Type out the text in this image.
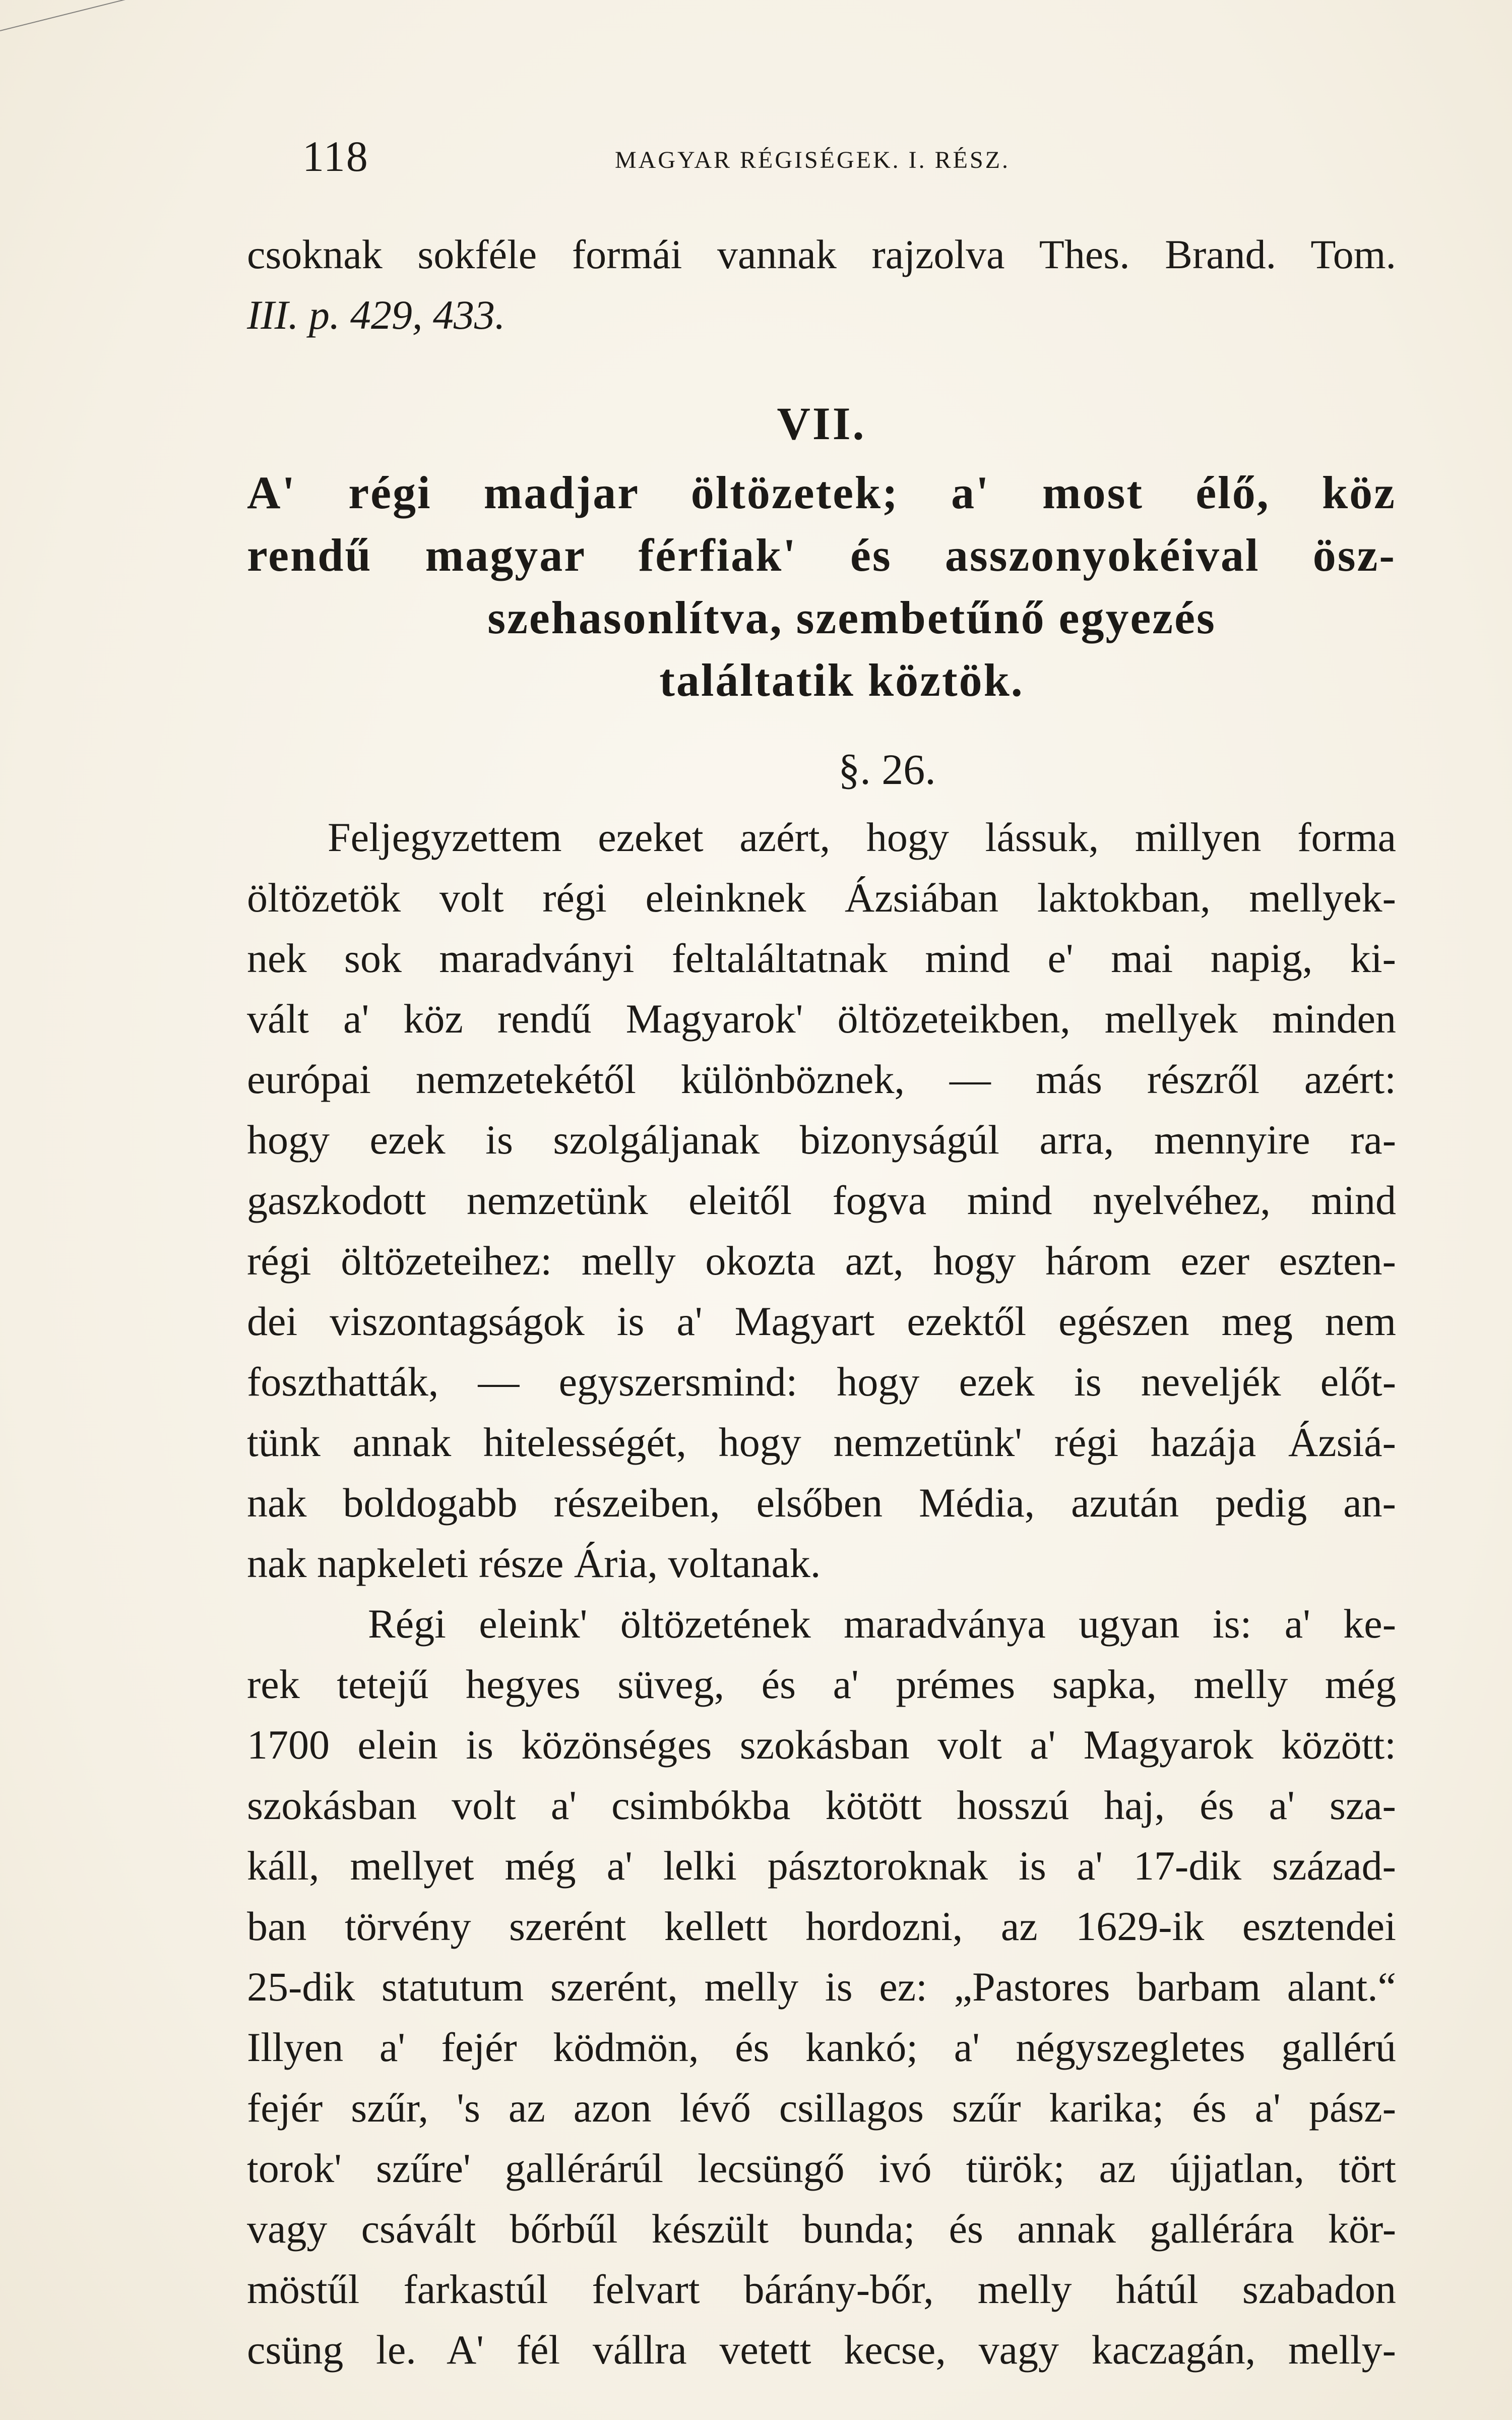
118	MAGYAR RÉGISÉGEK. I. RÉSZ.
csoknak sokféle formái vannak rajzolva Thes. Brand. Tom.
III. p. 429, 433.
VII.
A' régi madjar öltözetek; a' most élő, köz
rendű magyar férfiak' és asszonyokéival ösz-
szehasonlítva, szembetűnő egyezés
találtatik köztök.
§. 26.
Feljegyzettem ezeket azért, hogy lássuk, millyen forma
öltözetök volt régi eleinknek Ázsiában laktokban, mellyek-
nek sok maradványi feltaláltatnak mind e' mai napig, ki-
vált a' köz rendű Magyarok' öltözeteikben, mellyek minden
európai nemzetekétől különböznek, — más részről azért:
hogy ezek is szolgáljanak bizonyságúl arra, mennyire ra-
gaszkodott nemzetünk eleitől fogva mind nyelvéhez, mind
régi öltözeteihez: melly okozta azt, hogy három ezer eszten-
dei viszontagságok is a' Magyart ezektől egészen meg nem
foszthatták, — egyszersmind: hogy ezek is neveljék előt-
tünk annak hitelességét, hogy nemzetünk' régi hazája Ázsiá-
nak boldogabb részeiben, elsőben Médiа, azután pedig an-
nak napkeleti része Ária, voltanak.
Régi eleink' öltözetének maradványa ugyan is: a' ke-
rek tetejű hegyes süveg, és a' prémes sapka, melly még
1700 elein is közönséges szokásban volt a' Magyarok között:
szokásban volt a' csimbókba kötött hosszú haj, és a' sza-
káll, mellyet még a' lelki pásztoroknak is a' 17-dik század-
ban törvény szerént kellett hordozni, az 1629-ik esztendei
25-dik statutum szerént, melly is ez: „Pastores barbam alant.“
Illyen a' fejér ködmön, és kankó; a' négyszegletes gallérú
fejér szűr, 's az azon lévő csillagos szűr karika; és a' pász-
torok' szűre' gallérárúl lecsüngő ivó türök; az újjatlan, tört
vagy csávált bőrbűl készült bunda; és annak gallérára kör-
möstűl farkastúl felvart bárány-bőr, melly hátúl szabadon
csüng le. A' fél vállra vetett kecse, vagy kaczagán, melly-
